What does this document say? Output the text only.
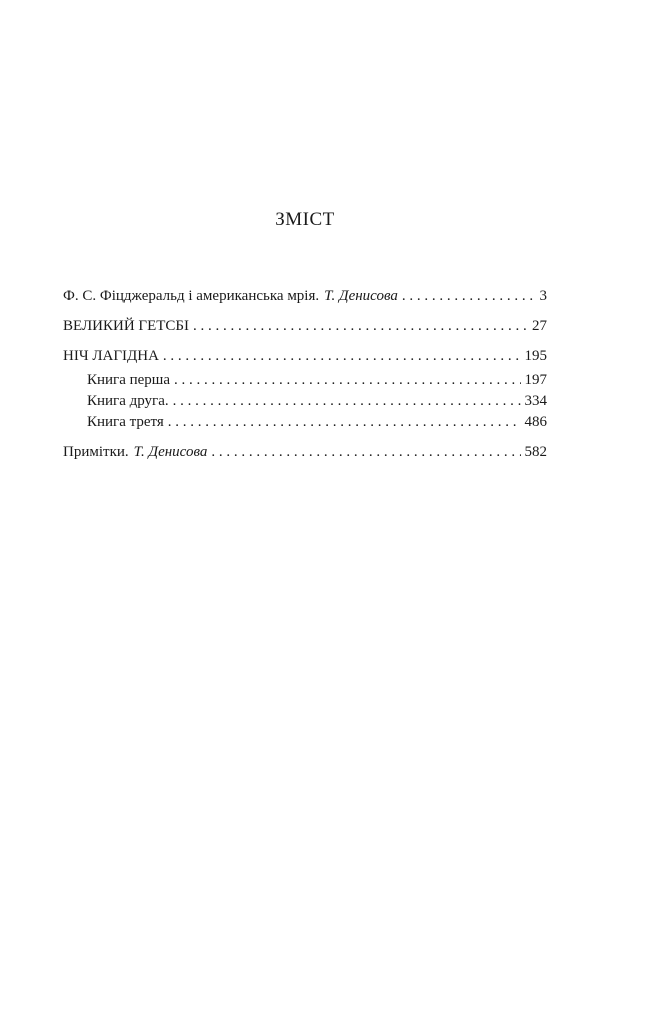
ЗМІСТ
Ф. С. Фіцджеральд і американська мрія. Т. Денисова . . .	3
ВЕЛИКИЙ ГЕТСБІ . . .	27
НІЧ ЛАГІДНА . . .	195
Книга перша . . .	197
Книга друга. . . .	334
Книга третя . . .	486
Примітки. Т. Денисова . . .	582
